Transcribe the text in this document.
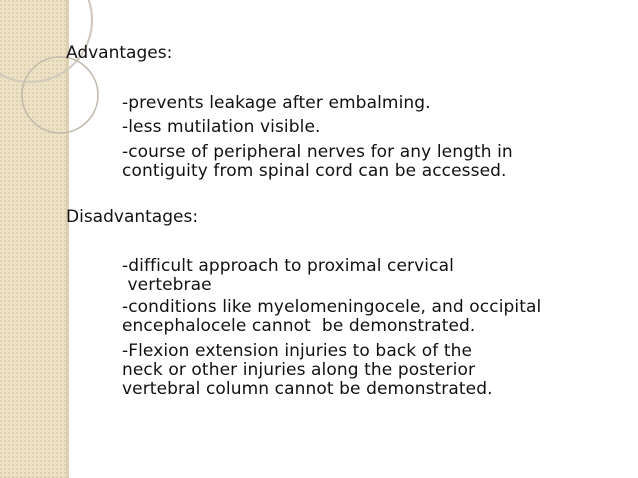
Advantages:
-prevents leakage after embalming.
-less mutilation visible.
-course of peripheral nerves for any length in
contiguity from spinal cord can be accessed.
Disadvantages:
-difficult approach to proximal cervical
vertebrae
-conditions like myelomeningocele, and occipital
encephalocele cannot  be demonstrated.
-Flexion extension injuries to back of the
neck or other injuries along the posterior
vertebral column cannot be demonstrated.
